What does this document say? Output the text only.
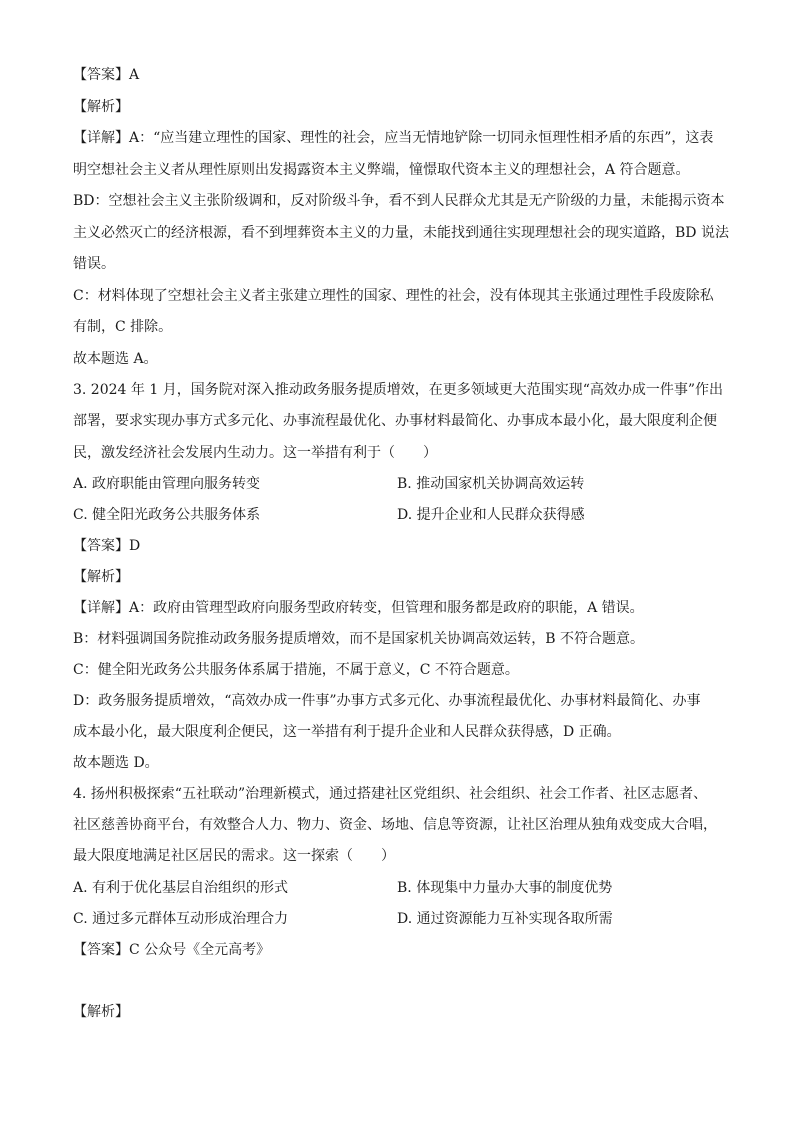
【答案】A
【解析】
【详解】A：“应当建立理性的国家、理性的社会，应当无情地铲除一切同永恒理性相矛盾的东西”，这表
明空想社会主义者从理性原则出发揭露资本主义弊端，憧憬取代资本主义的理想社会，A 符合题意。
BD：空想社会主义主张阶级调和，反对阶级斗争，看不到人民群众尤其是无产阶级的力量，未能揭示资本
主义必然灭亡的经济根源，看不到埋葬资本主义的力量，未能找到通往实现理想社会的现实道路，BD 说法
错误。
C：材料体现了空想社会主义者主张建立理性的国家、理性的社会，没有体现其主张通过理性手段废除私
有制，C 排除。
故本题选 A。
3. 2024 年 1 月，国务院对深入推动政务服务提质增效，在更多领域更大范围实现“高效办成一件事”作出
部署，要求实现办事方式多元化、办事流程最优化、办事材料最简化、办事成本最小化，最大限度利企便
民，激发经济社会发展内生动力。这一举措有利于（　　）
A. 政府职能由管理向服务转变	B. 推动国家机关协调高效运转
C. 健全阳光政务公共服务体系	D. 提升企业和人民群众获得感
【答案】D
【解析】
【详解】A：政府由管理型政府向服务型政府转变，但管理和服务都是政府的职能，A 错误。
B：材料强调国务院推动政务服务提质增效，而不是国家机关协调高效运转，B 不符合题意。
C：健全阳光政务公共服务体系属于措施，不属于意义，C 不符合题意。
D：政务服务提质增效，“高效办成一件事”办事方式多元化、办事流程最优化、办事材料最简化、办事
成本最小化，最大限度利企便民，这一举措有利于提升企业和人民群众获得感，D 正确。
故本题选 D。
4. 扬州积极探索“五社联动”治理新模式，通过搭建社区党组织、社会组织、社会工作者、社区志愿者、
社区慈善协商平台，有效整合人力、物力、资金、场地、信息等资源，让社区治理从独角戏变成大合唱，
最大限度地满足社区居民的需求。这一探索（　　）
A. 有利于优化基层自治组织的形式	B. 体现集中力量办大事的制度优势
C. 通过多元群体互动形成治理合力	D. 通过资源能力互补实现各取所需
【答案】C 公众号《全元高考》
【解析】
